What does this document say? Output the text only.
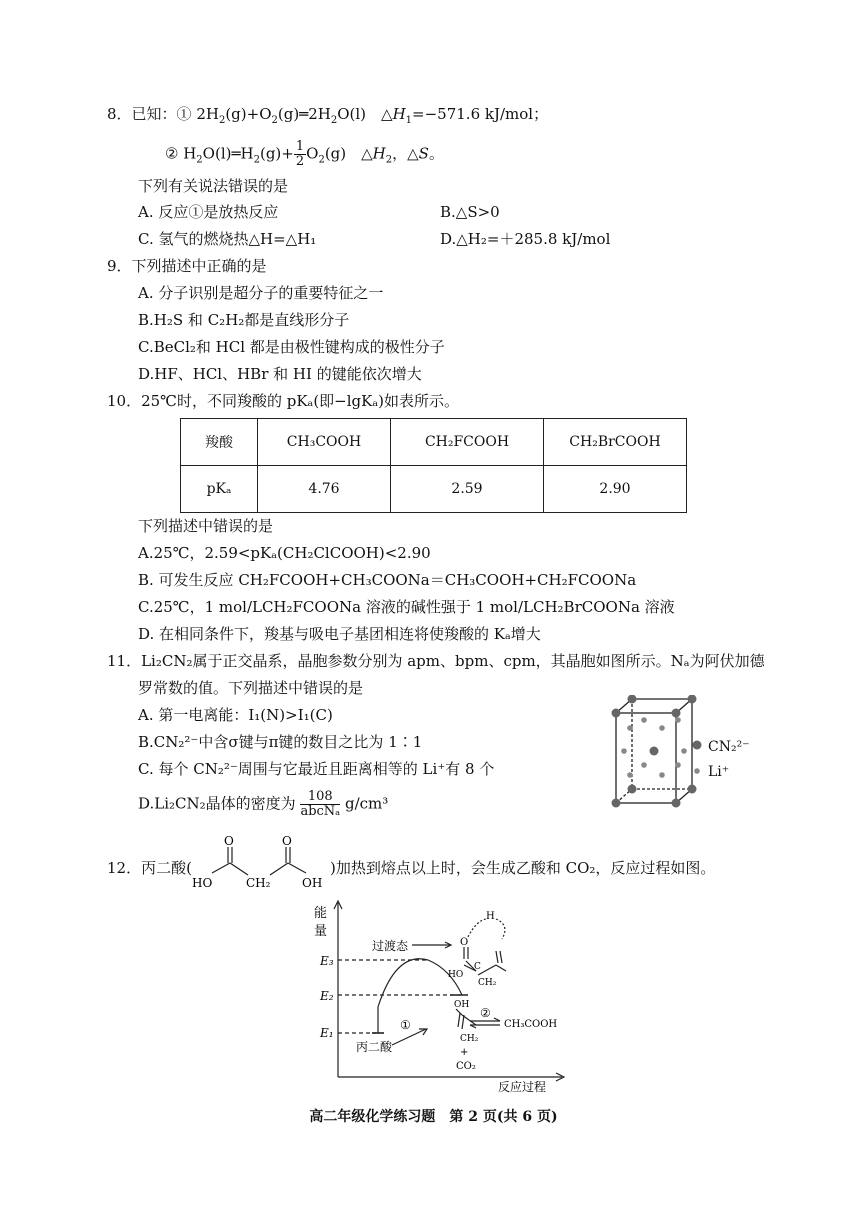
8．已知：① $2H_2(g)+O_2(g)═2H_2O(l)$　$\triangle H_1=-571.6$ kJ/mol；
② $H_2O(l)═H_2(g)+ \frac{1}{2} O_2(g)$　$\triangle H_2$，△S。
下列有关说法错误的是
A. 反应①是放热反应	B.△S>0
C. 氢气的燃烧热△H=△H₁	D.△H₂=＋285.8 kJ/mol
9．下列描述中正确的是
A. 分子识别是超分子的重要特征之一
B.H₂S 和 C₂H₂都是直线形分子
C.BeCl₂和 HCl 都是由极性键构成的极性分子
D.HF、HCl、HBr 和 HI 的键能依次增大
10．25℃时，不同羧酸的 pKₐ(即−lgKₐ)如表所示。
羧酸	CH₃COOH	CH₂FCOOH	CH₂BrCOOH
pKₐ	4.76	2.59	2.90
下列描述中错误的是
A.25℃，2.59<pKₐ(CH₂ClCOOH)<2.90
B. 可发生反应 CH₂FCOOH+CH₃COONa＝CH₃COOH+CH₂FCOONa
C.25℃，1 mol/LCH₂FCOONa 溶液的碱性强于 1 mol/LCH₂BrCOONa 溶液
D. 在相同条件下，羧基与吸电子基团相连将使羧酸的 Kₐ增大
11．Li₂CN₂属于正交晶系，晶胞参数分别为 apm、bpm、cpm，其晶胞如图所示。Nₐ为阿伏加德
罗常数的值。下列描述中错误的是
A. 第一电离能：I₁(N)>I₁(C)
B.CN₂²⁻中含σ键与π键的数目之比为 1∶1
C. 每个 CN₂²⁻周围与它最近且距离相等的 Li⁺有 8 个
D.Li₂CN₂晶体的密度为 $\frac{108}{\text{abcNₐ}} g/cm^3$
CN₂²⁻
Li⁺
12．丙二酸(
O	O
HO	CH₂	OH
)加热到熔点以上时，会生成乙酸和 CO₂，反应过程如图。
能
量
E₃
E₂
E₁
反应过程
过渡态
丙二酸
①
②
CH₃COOH
H
O
HO
C
CH₂
OH
CH₂
+
CO₂
高二年级化学练习题　第 2 页(共 6 页)
